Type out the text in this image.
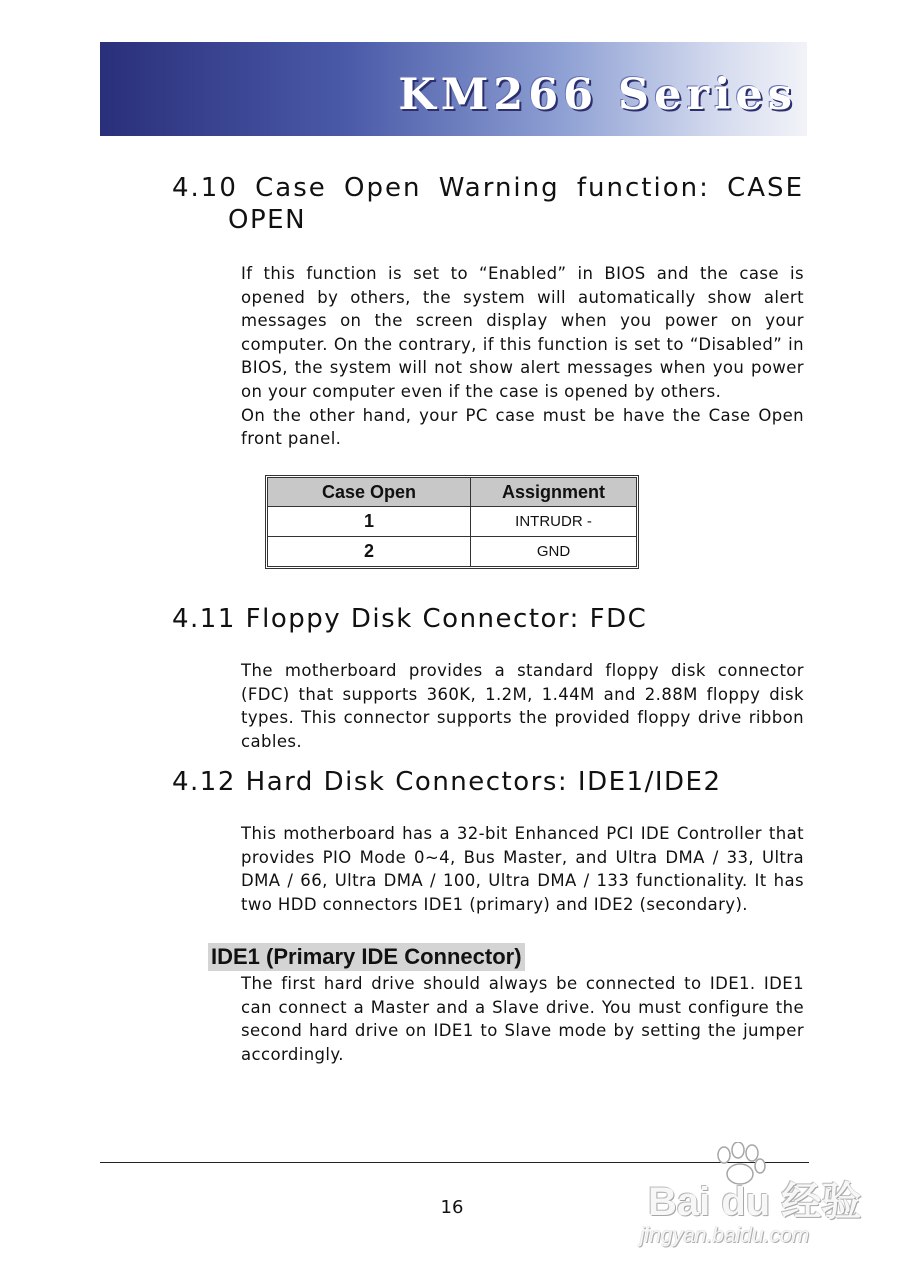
KM266 Series
4.10 Case Open Warning function: CASE
OPEN

If this function is set to “Enabled” in BIOS and the case is opened by others, the system will automatically show alert messages on the screen display when you power on your computer. On the contrary, if this function is set to “Disabled” in BIOS, the system will not show alert messages when you power on your computer even if the case is opened by others.

On the other hand, your PC case must be have the Case Open front panel.

Case Open	Assignment
1	INTRUDR -
2	GND
4.11 Floppy Disk Connector: FDC

The motherboard provides a standard floppy disk connector (FDC) that supports 360K, 1.2M, 1.44M and 2.88M floppy disk types. This connector supports the provided floppy drive ribbon cables.

4.12 Hard Disk Connectors: IDE1/IDE2

This motherboard has a 32-bit Enhanced PCI IDE Controller that provides PIO Mode 0~4, Bus Master, and Ultra DMA / 33, Ultra DMA / 66, Ultra DMA / 100, Ultra DMA / 133 functionality. It has two HDD connectors IDE1 (primary) and IDE2 (secondary).

IDE1 (Primary IDE Connector)

The first hard drive should always be connected to IDE1. IDE1 can connect a Master and a Slave drive. You must configure the second hard drive on IDE1 to Slave mode by setting the jumper accordingly.

16	Bai du 经验
jingyan.baidu.com
